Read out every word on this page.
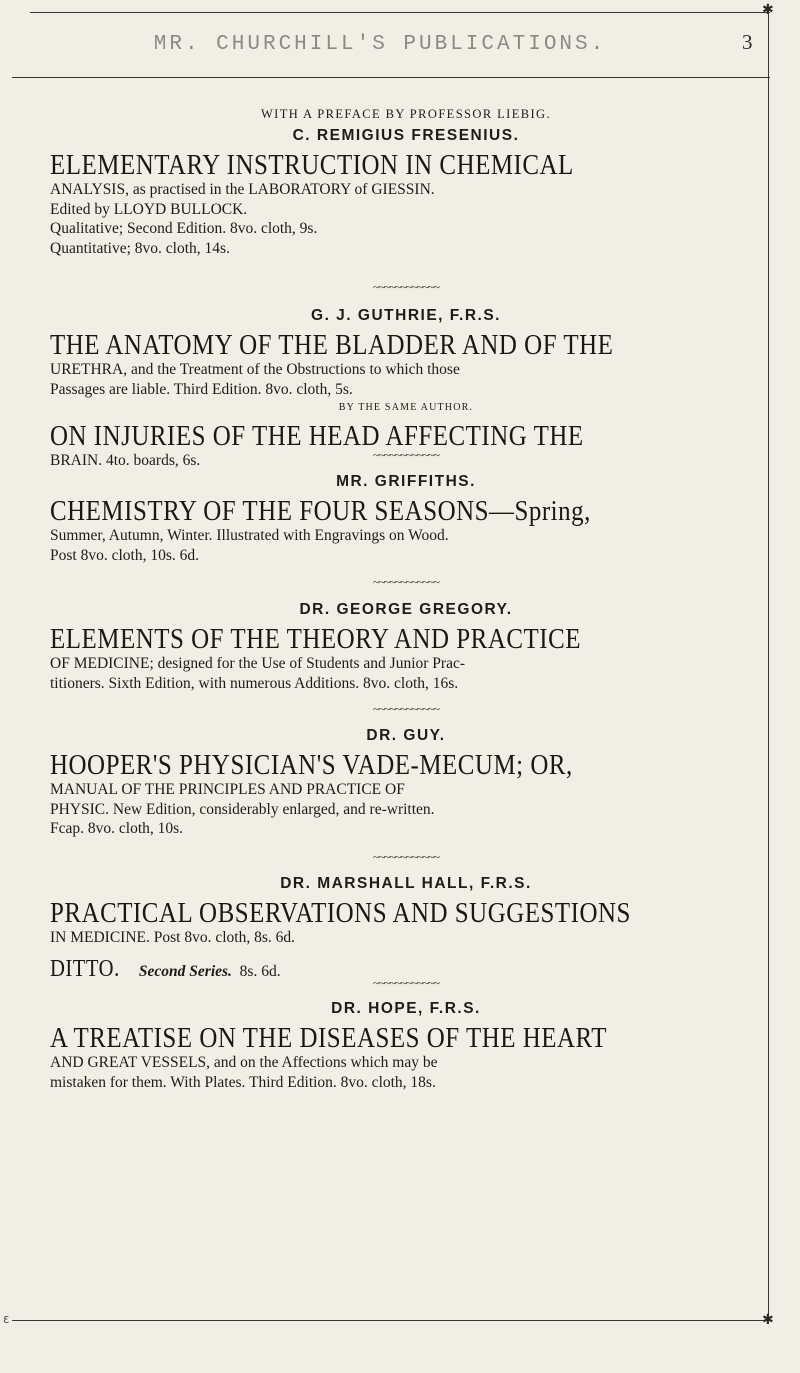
✱
MR. CHURCHILL'S PUBLICATIONS.	3

WITH A PREFACE BY PROFESSOR LIEBIG.

C. REMIGIUS FRESENIUS.

ELEMENTARY INSTRUCTION IN CHEMICAL

ANALYSIS, as practised in the LABORATORY of GIESSIN.

Edited by LLOYD BULLOCK.

Qualitative; Second Edition. 8vo. cloth, 9s.

Quantitative; 8vo. cloth, 14s.

~~~~~~~~~~~~

G. J. GUTHRIE, F.R.S.

THE ANATOMY OF THE BLADDER AND OF THE

URETHRA, and the Treatment of the Obstructions to which those

Passages are liable. Third Edition. 8vo. cloth, 5s.

BY THE SAME AUTHOR.

ON INJURIES OF THE HEAD AFFECTING THE

BRAIN. 4to. boards, 6s.	~~~~~~~~~~~~

MR. GRIFFITHS.

CHEMISTRY OF THE FOUR SEASONS—Spring,

Summer, Autumn, Winter. Illustrated with Engravings on Wood.

Post 8vo. cloth, 10s. 6d.

~~~~~~~~~~~~

DR. GEORGE GREGORY.

ELEMENTS OF THE THEORY AND PRACTICE

OF MEDICINE; designed for the Use of Students and Junior Prac-

titioners. Sixth Edition, with numerous Additions. 8vo. cloth, 16s.

~~~~~~~~~~~~

DR. GUY.

HOOPER'S PHYSICIAN'S VADE-MECUM; OR,

MANUAL OF THE PRINCIPLES AND PRACTICE OF

PHYSIC. New Edition, considerably enlarged, and re-written.

Fcap. 8vo. cloth, 10s.

~~~~~~~~~~~~

DR. MARSHALL HALL, F.R.S.

PRACTICAL OBSERVATIONS AND SUGGESTIONS

IN MEDICINE. Post 8vo. cloth, 8s. 6d.

DITTO. Second Series. 8s. 6d.

~~~~~~~~~~~~

DR. HOPE, F.R.S.

A TREATISE ON THE DISEASES OF THE HEART

AND GREAT VESSELS, and on the Affections which may be

mistaken for them. With Plates. Third Edition. 8vo. cloth, 18s.

ε	✱
